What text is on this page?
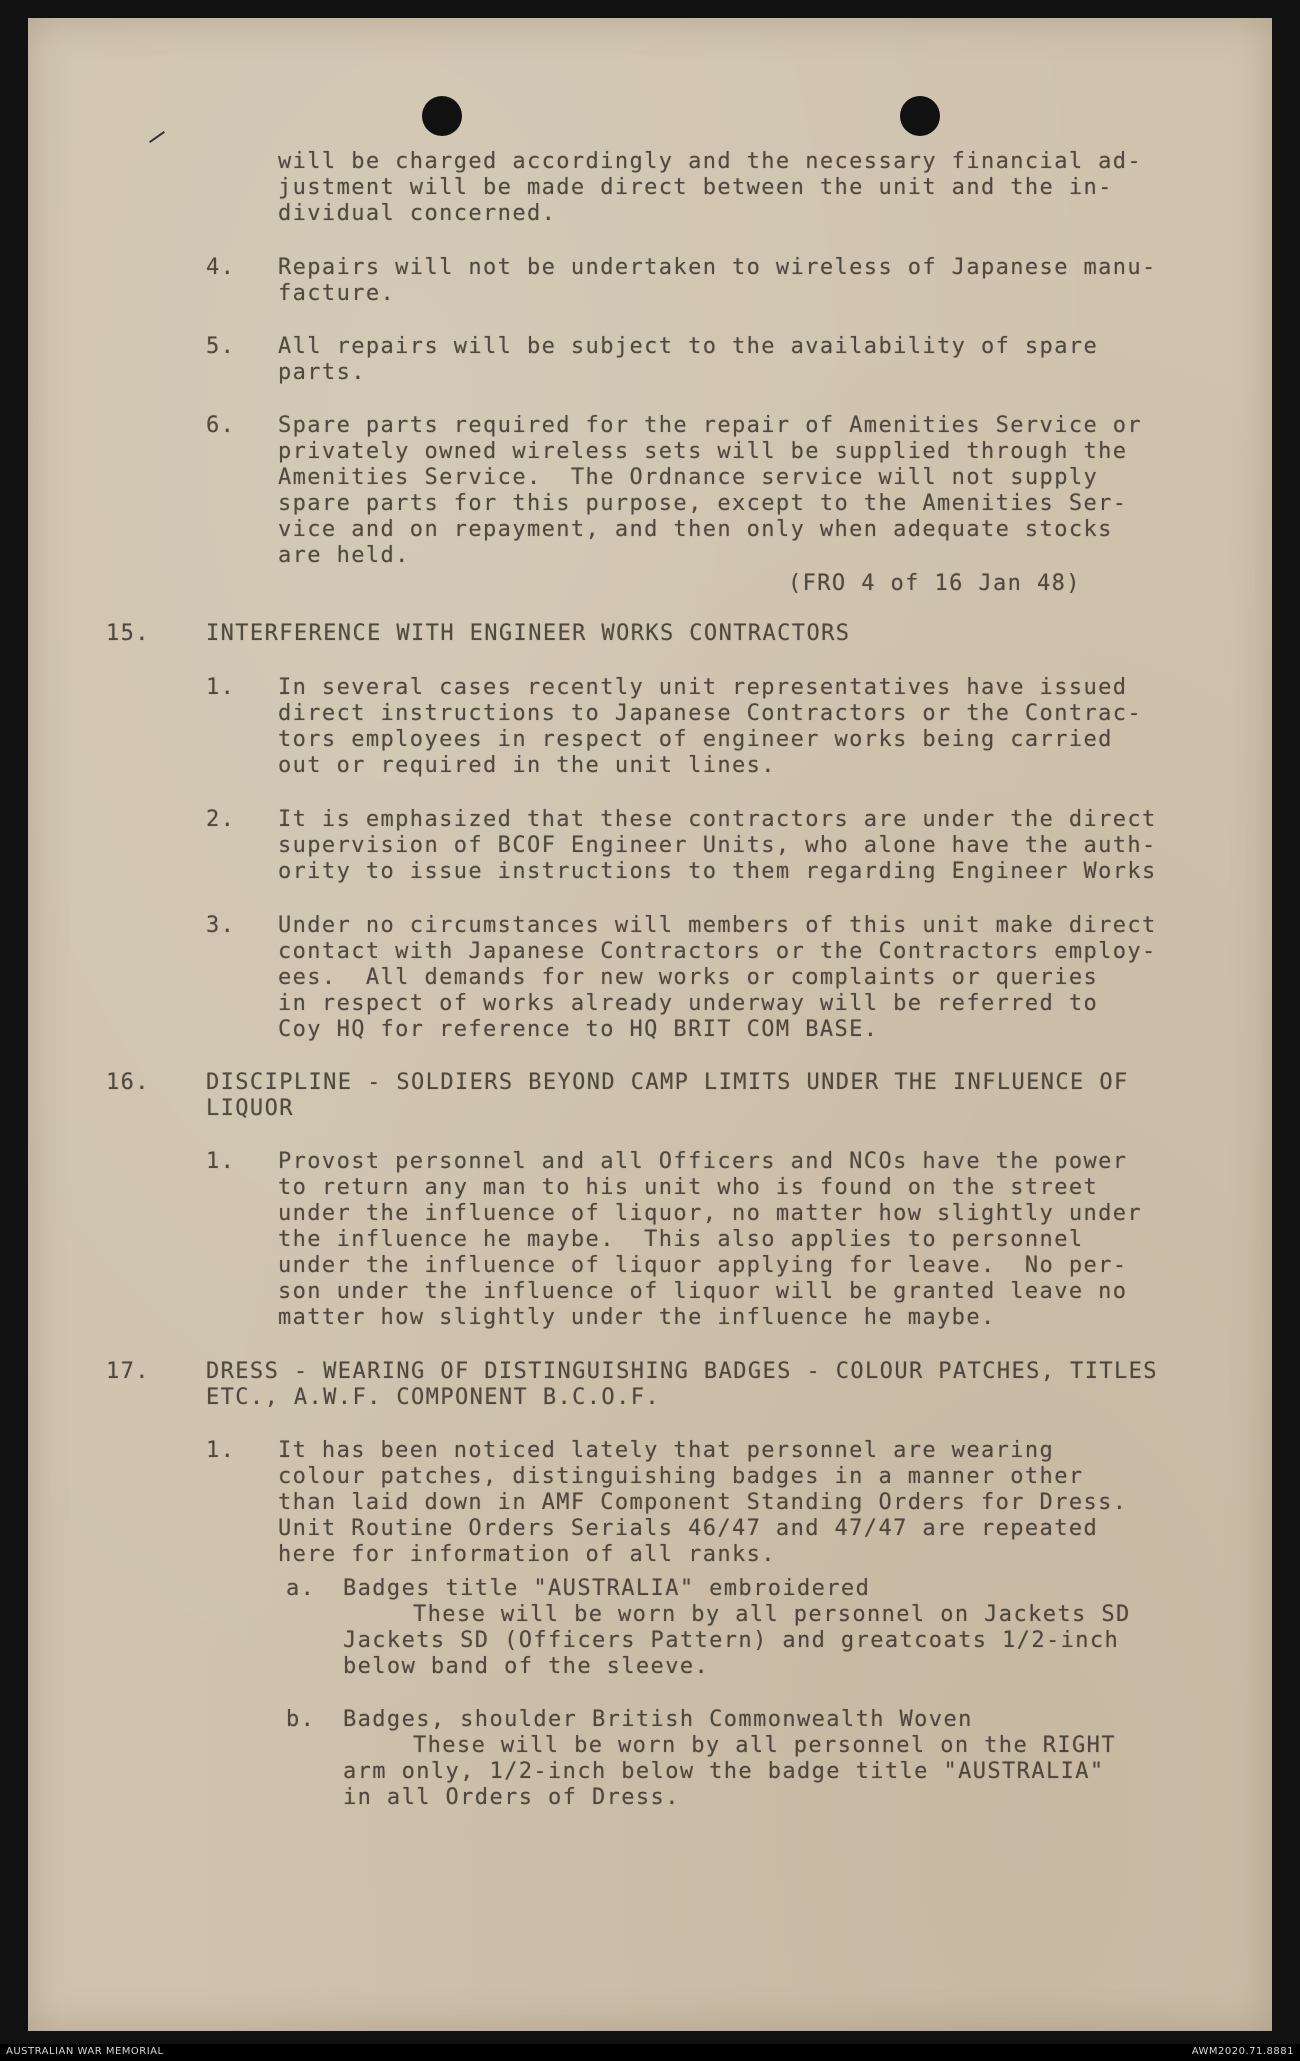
will be charged accordingly and the necessary financial ad-
justment will be made direct between the unit and the in-
dividual concerned.
4. Repairs will not be undertaken to wireless of Japanese manu-
facture.
5. All repairs will be subject to the availability of spare
parts.
6. Spare parts required for the repair of Amenities Service or
privately owned wireless sets will be supplied through the
Amenities Service.  The Ordnance service will not supply
spare parts for this purpose, except to the Amenities Ser-
vice and on repayment, and then only when adequate stocks
are held.
(FRO 4 of 16 Jan 48)
15.	INTERFERENCE WITH ENGINEER WORKS CONTRACTORS
1. In several cases recently unit representatives have issued
direct instructions to Japanese Contractors or the Contrac-
tors employees in respect of engineer works being carried
out or required in the unit lines.
2. It is emphasized that these contractors are under the direct
supervision of BCOF Engineer Units, who alone have the auth-
ority to issue instructions to them regarding Engineer Works
3. Under no circumstances will members of this unit make direct
contact with Japanese Contractors or the Contractors employ-
ees.  All demands for new works or complaints or queries
in respect of works already underway will be referred to
Coy HQ for reference to HQ BRIT COM BASE.
16.	DISCIPLINE - SOLDIERS BEYOND CAMP LIMITS UNDER THE INFLUENCE OF
LIQUOR
1. Provost personnel and all Officers and NCOs have the power
to return any man to his unit who is found on the street
under the influence of liquor, no matter how slightly under
the influence he maybe.  This also applies to personnel
under the influence of liquor applying for leave.  No per-
son under the influence of liquor will be granted leave no
matter how slightly under the influence he maybe.
17.	DRESS - WEARING OF DISTINGUISHING BADGES - COLOUR PATCHES, TITLES
ETC., A.W.F. COMPONENT B.C.O.F.
1. It has been noticed lately that personnel are wearing
colour patches, distinguishing badges in a manner other
than laid down in AMF Component Standing Orders for Dress.
Unit Routine Orders Serials 46/47 and 47/47 are repeated
here for information of all ranks.
a. Badges title "AUSTRALIA" embroidered
These will be worn by all personnel on Jackets SD
Jackets SD (Officers Pattern) and greatcoats 1/2-inch
below band of the sleeve.
b. Badges, shoulder British Commonwealth Woven
These will be worn by all personnel on the RIGHT
arm only, 1/2-inch below the badge title "AUSTRALIA"
in all Orders of Dress.
AUSTRALIAN WAR MEMORIAL	AWM2020.71.8881
